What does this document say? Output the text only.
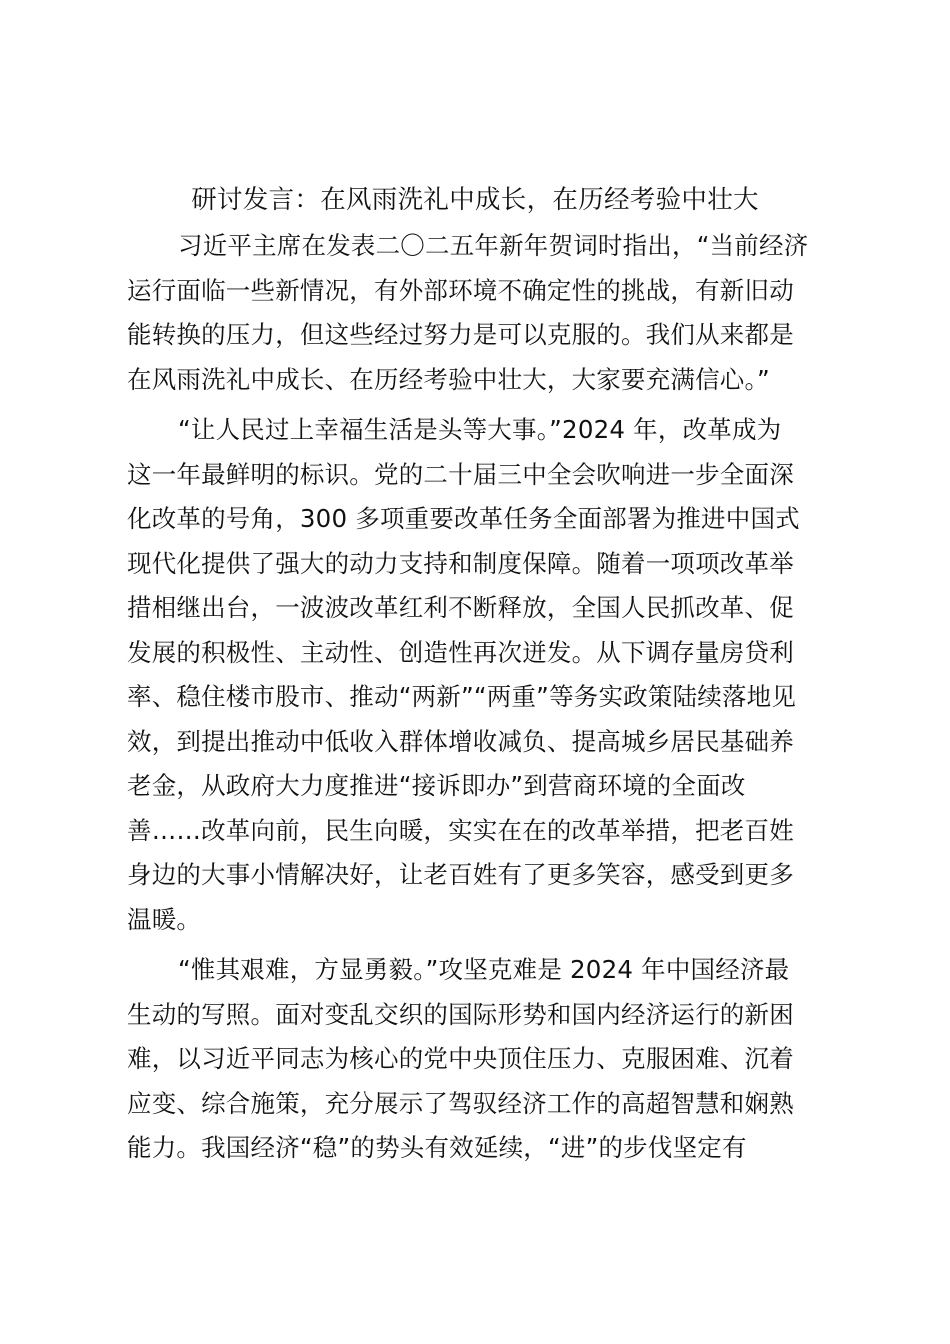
研讨发言：在风雨洗礼中成长，在历经考验中壮大

习近平主席在发表二〇二五年新年贺词时指出，“当前经济
运行面临一些新情况，有外部环境不确定性的挑战，有新旧动
能转换的压力，但这些经过努力是可以克服的。我们从来都是
在风雨洗礼中成长、在历经考验中壮大，大家要充满信心。”

“让人民过上幸福生活是头等大事。”2024 年，改革成为
这一年最鲜明的标识。党的二十届三中全会吹响进一步全面深
化改革的号角，300 多项重要改革任务全面部署为推进中国式
现代化提供了强大的动力支持和制度保障。随着一项项改革举
措相继出台，一波波改革红利不断释放，全国人民抓改革、促
发展的积极性、主动性、创造性再次迸发。从下调存量房贷利
率、稳住楼市股市、推动“两新”“两重”等务实政策陆续落地见
效，到提出推动中低收入群体增收减负、提高城乡居民基础养
老金，从政府大力度推进“接诉即办”到营商环境的全面改
善……改革向前，民生向暖，实实在在的改革举措，把老百姓
身边的大事小情解决好，让老百姓有了更多笑容，感受到更多
温暖。

“惟其艰难，方显勇毅。”攻坚克难是 2024 年中国经济最
生动的写照。面对变乱交织的国际形势和国内经济运行的新困
难，以习近平同志为核心的党中央顶住压力、克服困难、沉着
应变、综合施策，充分展示了驾驭经济工作的高超智慧和娴熟
能力。我国经济“稳”的势头有效延续，“进”的步伐坚定有
